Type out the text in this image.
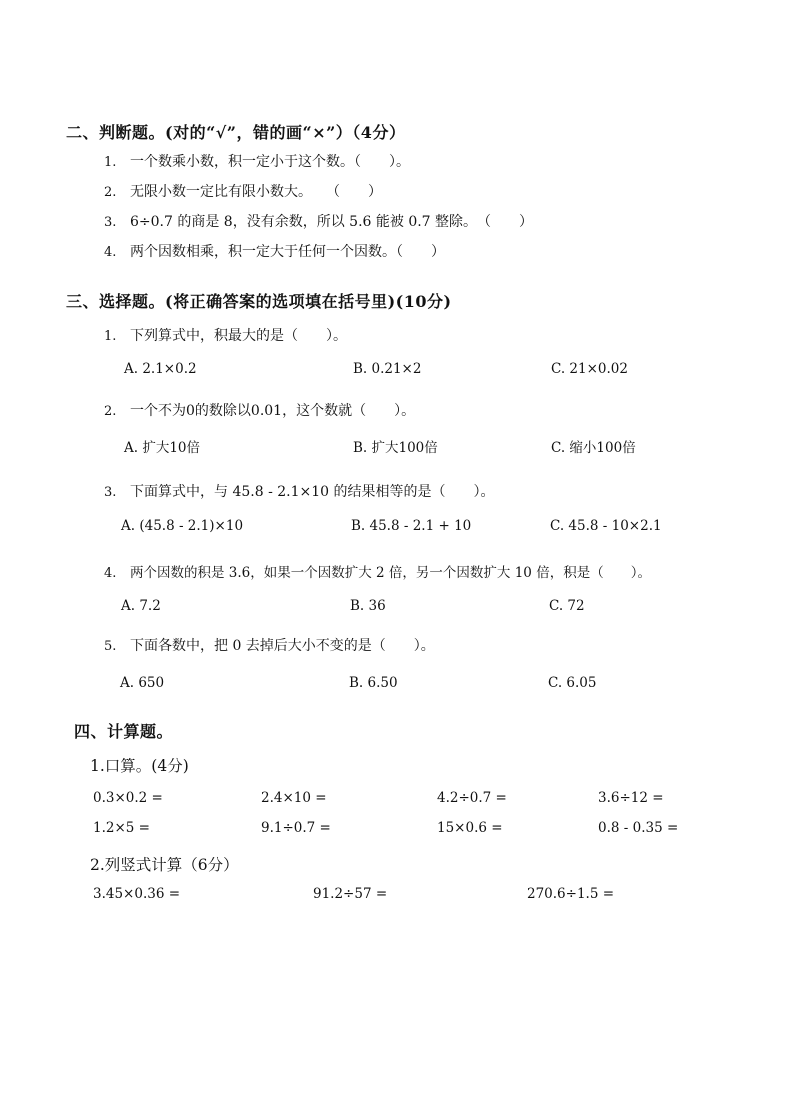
二、判断题。(对的“√”，错的画“×”）（4分）
1. 一个数乘小数，积一定小于这个数。（　　）。
2. 无限小数一定比有限小数大。　　（　　）
3. 6÷0.7 的商是 8，没有余数，所以 5.6 能被 0.7 整除。　（　　）
4. 两个因数相乘，积一定大于任何一个因数。（　　）
三、选择题。(将正确答案的选项填在括号里)(10分)
1. 下列算式中，积最大的是（　　）。
A. 2.1×0.2	B. 0.21×2	C. 21×0.02
2. 一个不为0的数除以0.01，这个数就（　　）。
A. 扩大10倍	B. 扩大100倍	C. 缩小100倍
3. 下面算式中，与 45.8 - 2.1×10 的结果相等的是（　　）。
A. (45.8 - 2.1)×10	B. 45.8 - 2.1 + 10	C. 45.8 - 10×2.1
4. 两个因数的积是 3.6，如果一个因数扩大 2 倍，另一个因数扩大 10 倍，积是（　　）。
A. 7.2	B. 36	C. 72
5. 下面各数中，把 0 去掉后大小不变的是（　　）。
A. 650	B. 6.50	C. 6.05
四、计算题。
1.口算。(4分)
0.3×0.2 =	2.4×10 =	4.2÷0.7 =	3.6÷12 =
1.2×5 =	9.1÷0.7 =	15×0.6 =	0.8 - 0.35 =
2.列竖式计算（6分）
3.45×0.36 =	91.2÷57 =	270.6÷1.5 =
